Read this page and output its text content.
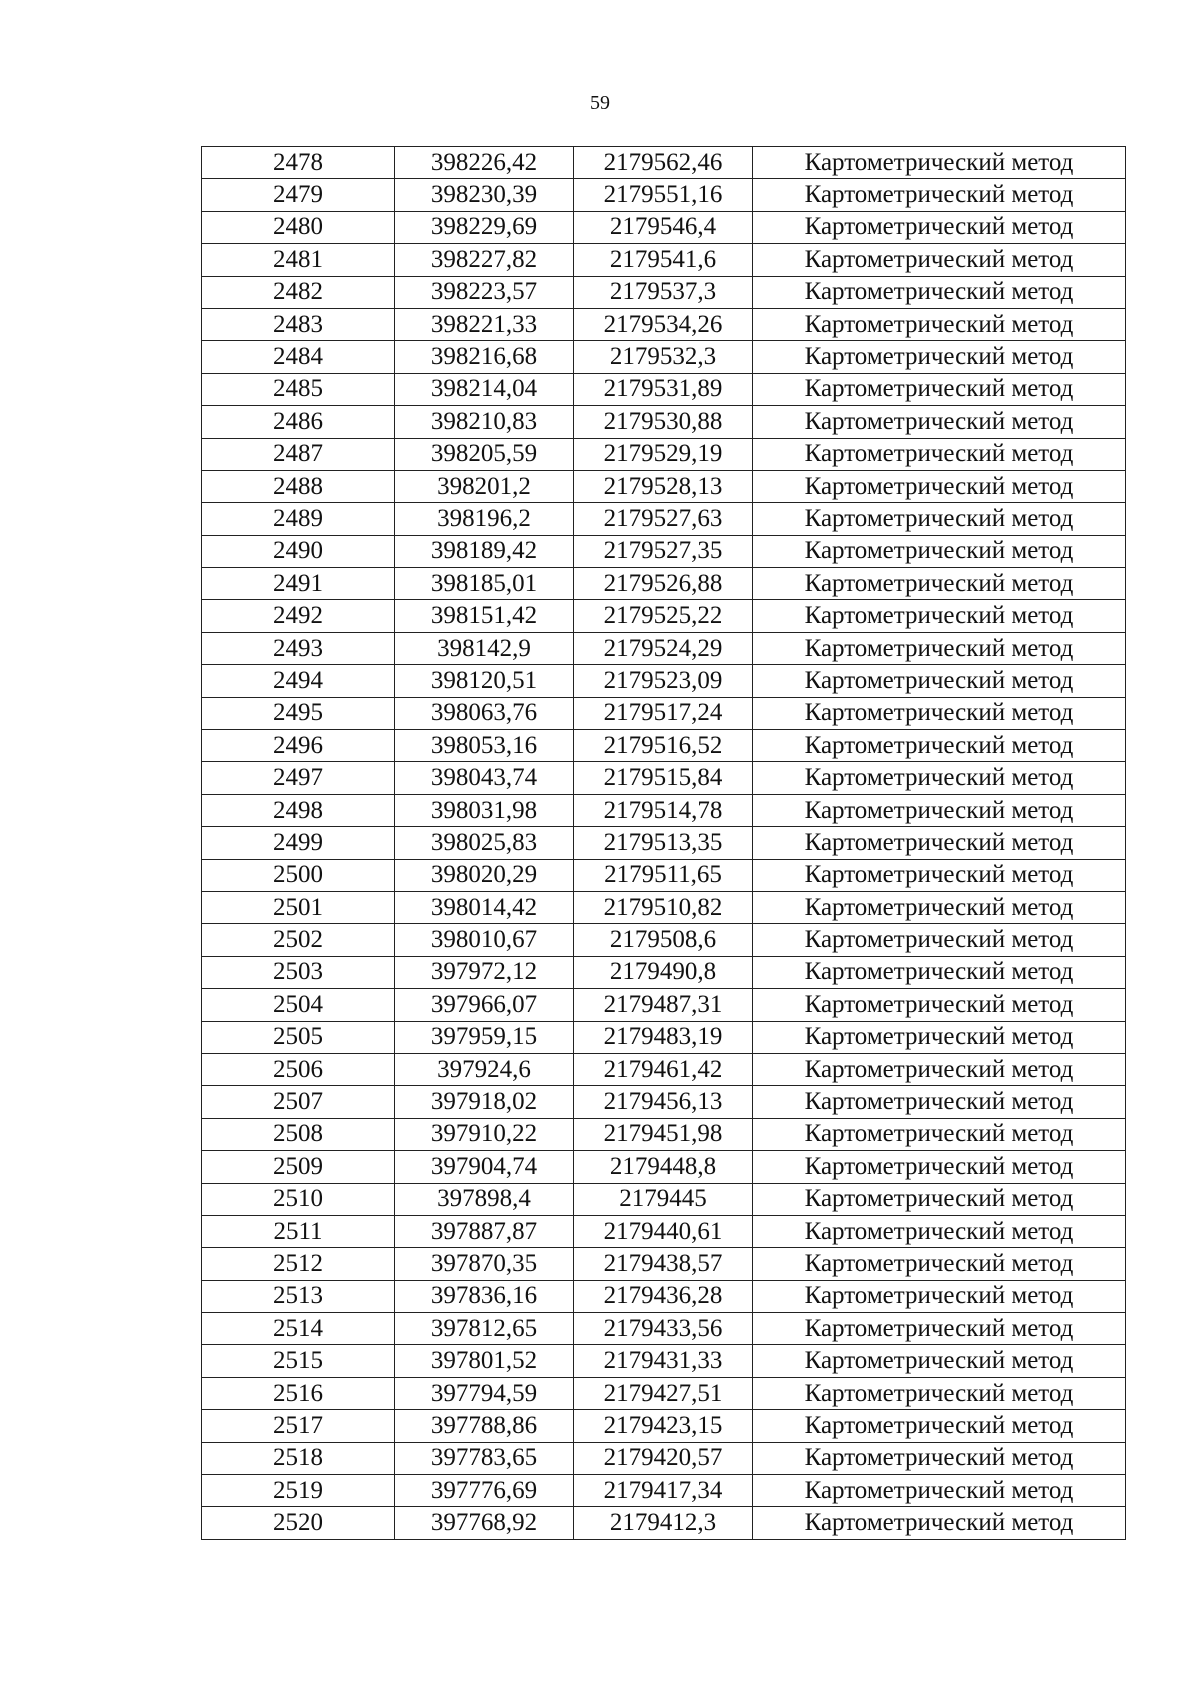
59
2478	398226,42	2179562,46	Картометрический метод
2479	398230,39	2179551,16	Картометрический метод
2480	398229,69	2179546,4	Картометрический метод
2481	398227,82	2179541,6	Картометрический метод
2482	398223,57	2179537,3	Картометрический метод
2483	398221,33	2179534,26	Картометрический метод
2484	398216,68	2179532,3	Картометрический метод
2485	398214,04	2179531,89	Картометрический метод
2486	398210,83	2179530,88	Картометрический метод
2487	398205,59	2179529,19	Картометрический метод
2488	398201,2	2179528,13	Картометрический метод
2489	398196,2	2179527,63	Картометрический метод
2490	398189,42	2179527,35	Картометрический метод
2491	398185,01	2179526,88	Картометрический метод
2492	398151,42	2179525,22	Картометрический метод
2493	398142,9	2179524,29	Картометрический метод
2494	398120,51	2179523,09	Картометрический метод
2495	398063,76	2179517,24	Картометрический метод
2496	398053,16	2179516,52	Картометрический метод
2497	398043,74	2179515,84	Картометрический метод
2498	398031,98	2179514,78	Картометрический метод
2499	398025,83	2179513,35	Картометрический метод
2500	398020,29	2179511,65	Картометрический метод
2501	398014,42	2179510,82	Картометрический метод
2502	398010,67	2179508,6	Картометрический метод
2503	397972,12	2179490,8	Картометрический метод
2504	397966,07	2179487,31	Картометрический метод
2505	397959,15	2179483,19	Картометрический метод
2506	397924,6	2179461,42	Картометрический метод
2507	397918,02	2179456,13	Картометрический метод
2508	397910,22	2179451,98	Картометрический метод
2509	397904,74	2179448,8	Картометрический метод
2510	397898,4	2179445	Картометрический метод
2511	397887,87	2179440,61	Картометрический метод
2512	397870,35	2179438,57	Картометрический метод
2513	397836,16	2179436,28	Картометрический метод
2514	397812,65	2179433,56	Картометрический метод
2515	397801,52	2179431,33	Картометрический метод
2516	397794,59	2179427,51	Картометрический метод
2517	397788,86	2179423,15	Картометрический метод
2518	397783,65	2179420,57	Картометрический метод
2519	397776,69	2179417,34	Картометрический метод
2520	397768,92	2179412,3	Картометрический метод
